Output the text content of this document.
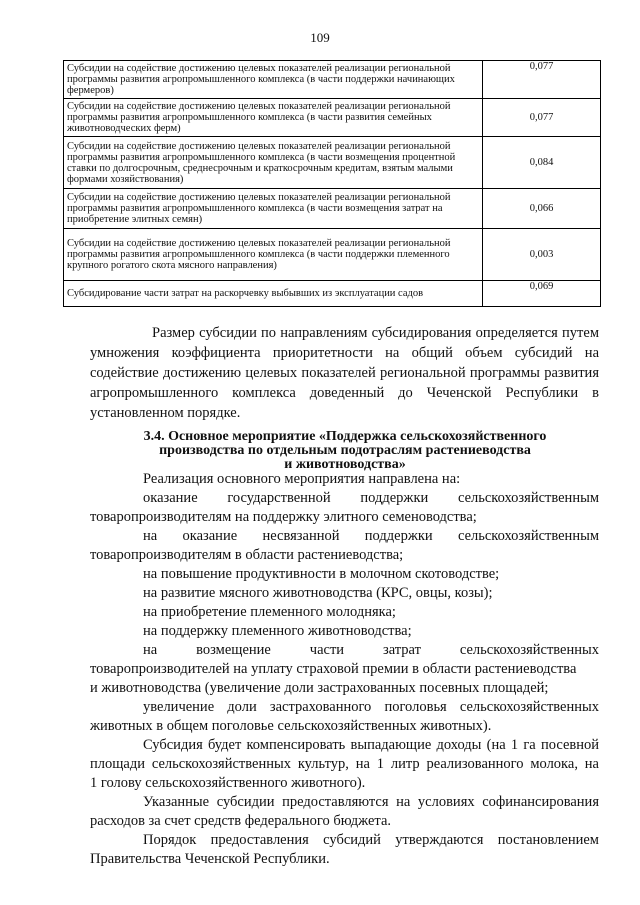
109
Субсидии на содействие достижению целевых показателей реализации региональной программы развития агропромышленного комплекса (в части поддержки начинающих фермеров)	0,077
Субсидии на содействие достижению целевых показателей реализации региональной программы развития агропромышленного комплекса (в части развития семейных животноводческих ферм)	0,077
Субсидии на содействие достижению целевых показателей реализации региональной программы развития агропромышленного комплекса (в части возмещения процентной ставки по долгосрочным, среднесрочным и краткосрочным кредитам, взятым малыми формами хозяйствования)	0,084
Субсидии на содействие достижению целевых показателей реализации региональной программы развития агропромышленного комплекса (в части возмещения затрат на приобретение элитных семян)	0,066
Субсидии на содействие достижению целевых показателей реализации региональной программы развития агропромышленного комплекса (в части поддержки племенного крупного рогатого скота мясного направления)	0,003
Субсидирование части затрат на раскорчевку выбывших из эксплуатации садов	0,069
Размер субсидии по направлениям субсидирования определяется путем умножения коэффициента приоритетности на общий объем субсидий на содействие достижению целевых показателей региональной программы развития агропромышленного комплекса доведенный до Чеченской Республики в установленном порядке.
3.4. Основное мероприятие «Поддержка сельскохозяйственного
производства по отдельным подотраслям растениеводства
и животноводства»
Реализация основного мероприятия направлена на:
оказание государственной поддержки сельскохозяйственным
товаропроизводителям на поддержку элитного семеноводства;
на оказание несвязанной поддержки сельскохозяйственным
товаропроизводителям в области растениеводства;
на повышение продуктивности в молочном скотоводстве;
на развитие мясного животноводства (КРС, овцы, козы);
на приобретение племенного молодняка;
на поддержку племенного животноводства;
на возмещение части затрат сельскохозяйственных
товаропроизводителей на уплату страховой премии в области растениеводства
и животноводства (увеличение доли застрахованных посевных площадей;
увеличение доли застрахованного поголовья сельскохозяйственных
животных в общем поголовье сельскохозяйственных животных).
Субсидия будет компенсировать выпадающие доходы (на 1 га посевной
площади сельскохозяйственных культур, на 1 литр реализованного молока, на
1 голову сельскохозяйственного животного).
Указанные субсидии предоставляются на условиях софинансирования
расходов за счет средств федерального бюджета.
Порядок предоставления субсидий утверждаются постановлением
Правительства Чеченской Республики.
